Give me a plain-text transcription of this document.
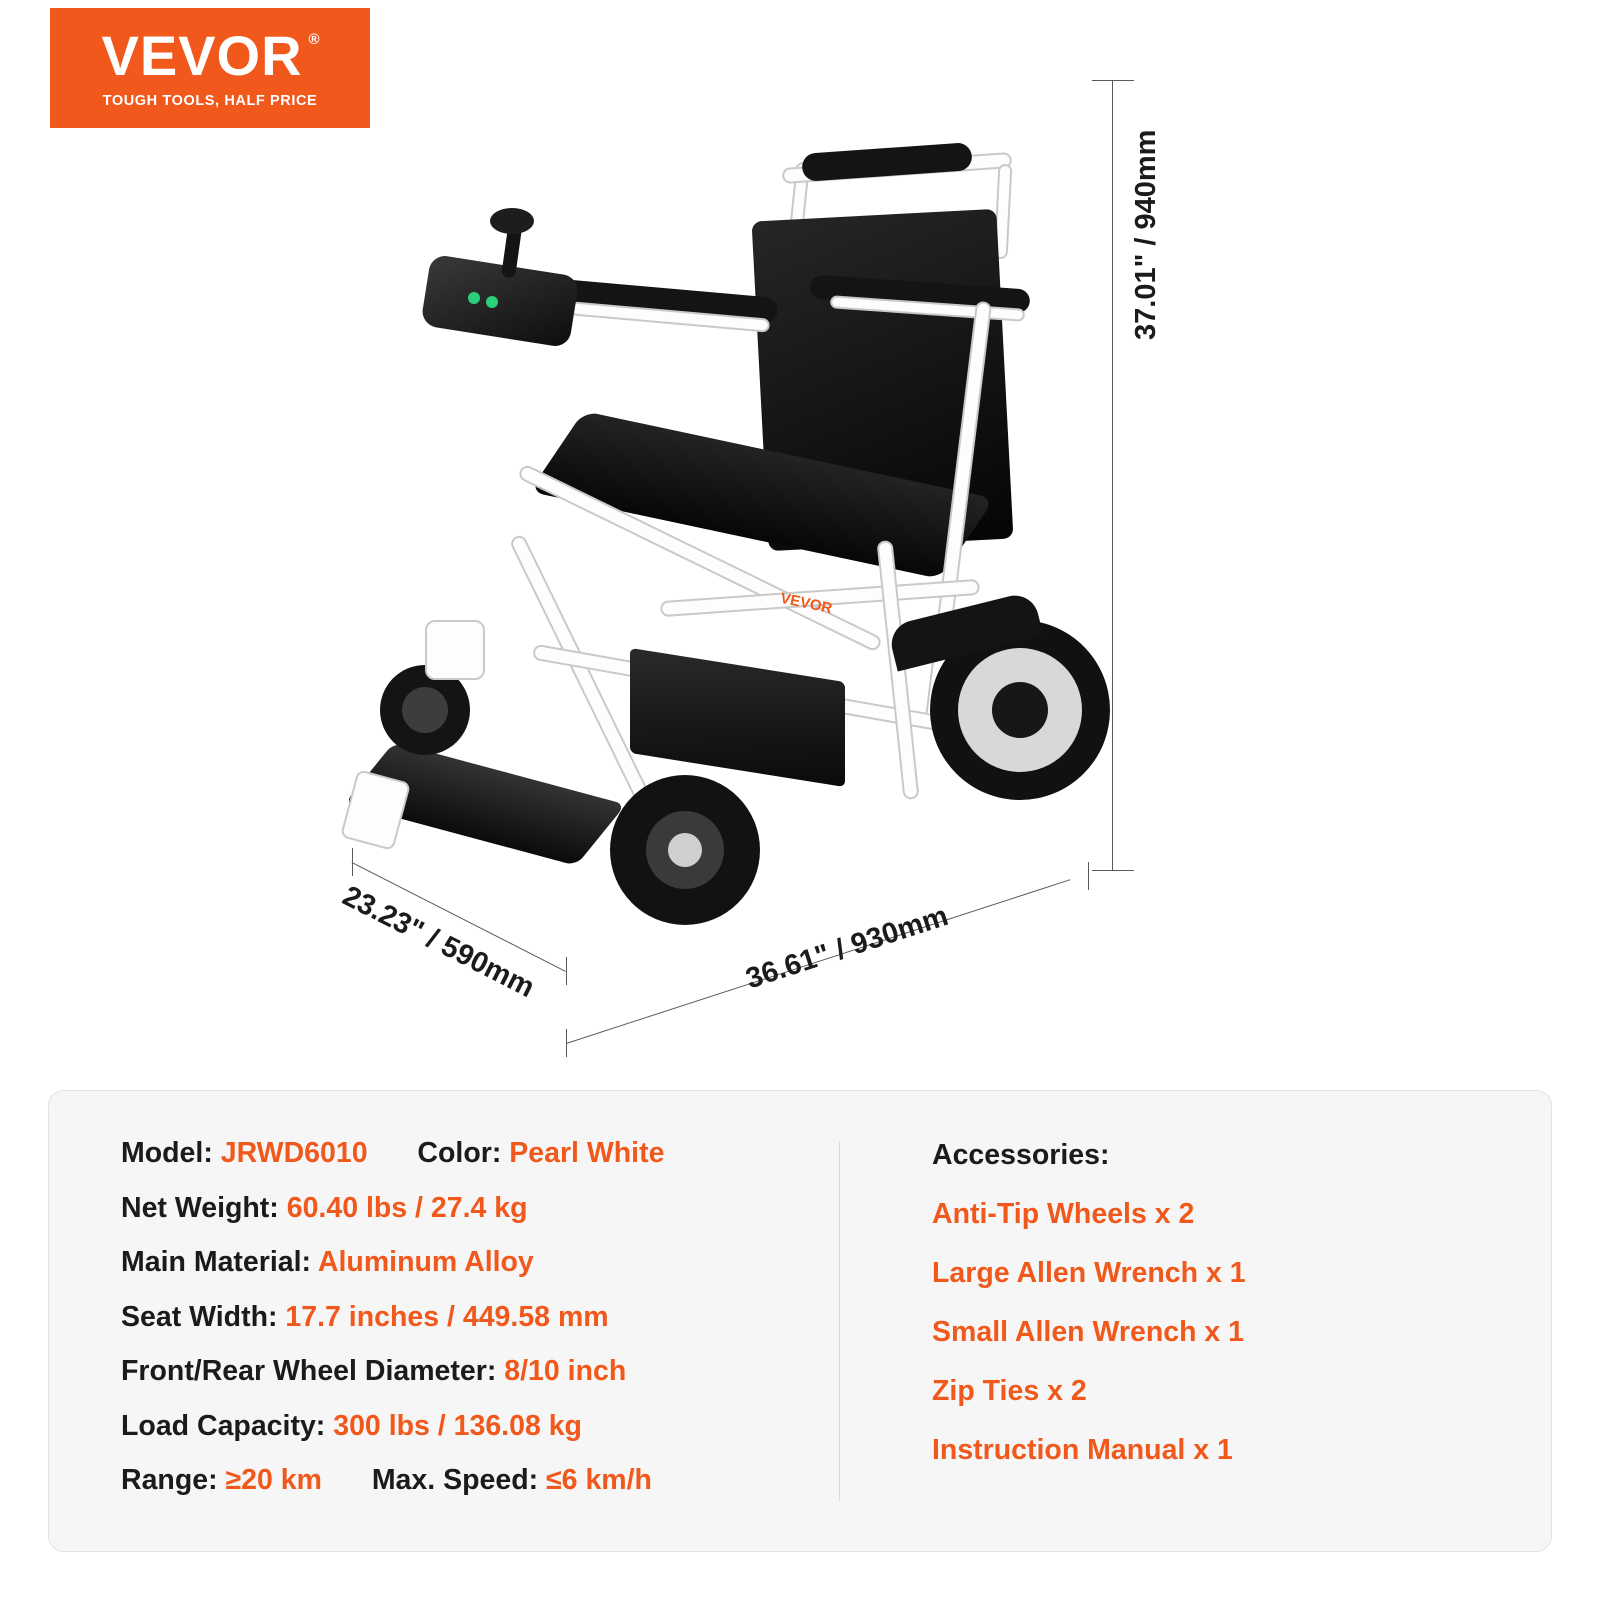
VEVOR ®
TOUGH TOOLS, HALF PRICE
VEVOR
37.01" / 940mm
23.23" / 590mm	36.61" / 930mm
Model: JRWD6010 Color: Pearl White
Net Weight: 60.40 lbs / 27.4 kg
Main Material: Aluminum Alloy
Seat Width: 17.7 inches / 449.58 mm
Front/Rear Wheel Diameter: 8/10 inch
Load Capacity: 300 lbs / 136.08 kg
Range: ≥20 km Max. Speed: ≤6 km/h
Accessories:
Anti-Tip Wheels x 2
Large Allen Wrench x 1
Small Allen Wrench x 1
Zip Ties x 2
Instruction Manual x 1
